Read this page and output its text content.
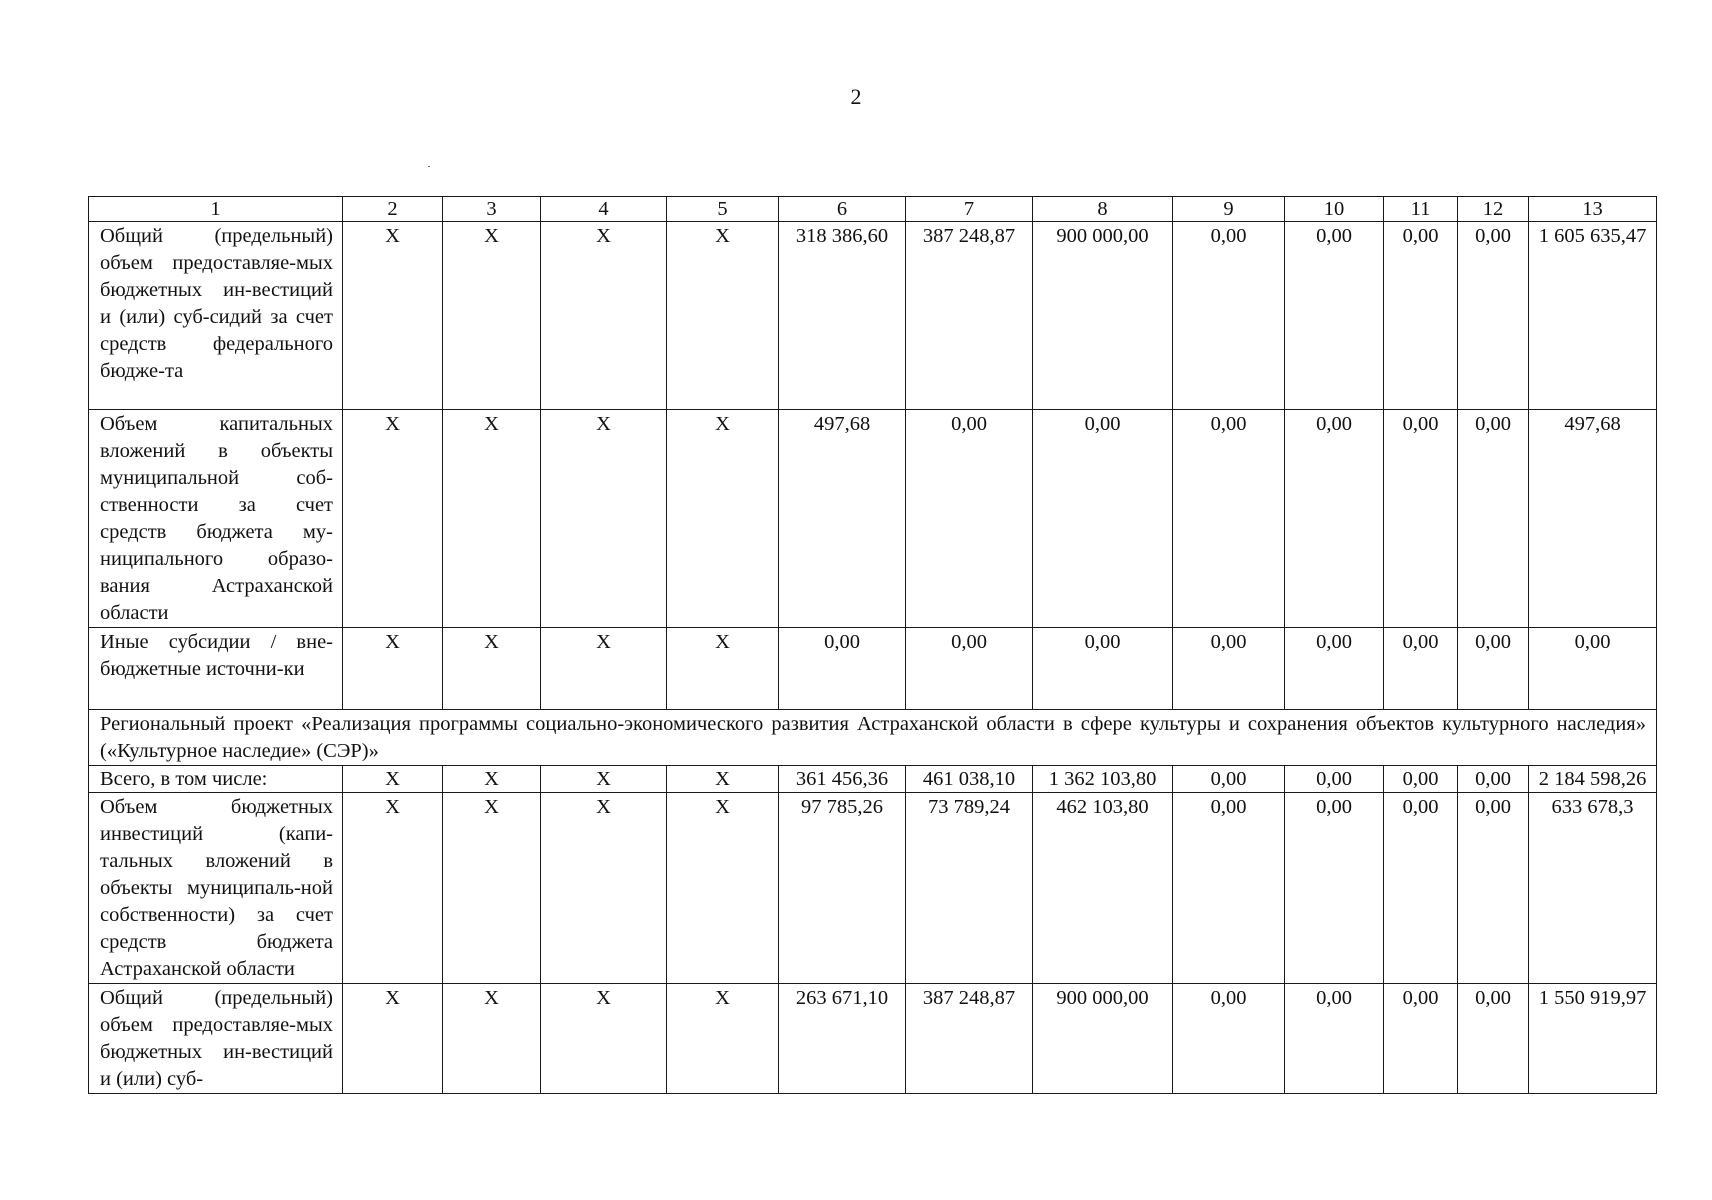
2
1	2	3	4	5	6	7	8	9	10	11	12	13
Общий (предельный) объем предоставляе-мых бюджетных ин-вестиций и (или) суб-сидий за счет средств федерального бюдже-та	X	X	X	X	318 386,60	387 248,87	900 000,00	0,00	0,00	0,00	0,00	1 605 635,47
Объем капитальных вложений в объекты муниципальной соб-ственности за счет средств бюджета му-ниципального образо-вания Астраханской области	X	X	X	X	497,68	0,00	0,00	0,00	0,00	0,00	0,00	497,68
Иные субсидии / вне-бюджетные источни-ки	X	X	X	X	0,00	0,00	0,00	0,00	0,00	0,00	0,00	0,00
Региональный проект «Реализация программы социально-экономического развития Астраханской области в сфере культуры и сохранения объектов культурного наследия» («Культурное наследие» (СЭР)»												
Всего, в том числе:	X	X	X	X	361 456,36	461 038,10	1 362 103,80	0,00	0,00	0,00	0,00	2 184 598,26
Объем бюджетных инвестиций (капи-тальных вложений в объекты муниципаль-ной собственности) за счет средств бюджета Астраханской области	X	X	X	X	97 785,26	73 789,24	462 103,80	0,00	0,00	0,00	0,00	633 678,3
Общий (предельный) объем предоставляе-мых бюджетных ин-вестиций и (или) суб-	X	X	X	X	263 671,10	387 248,87	900 000,00	0,00	0,00	0,00	0,00	1 550 919,97
